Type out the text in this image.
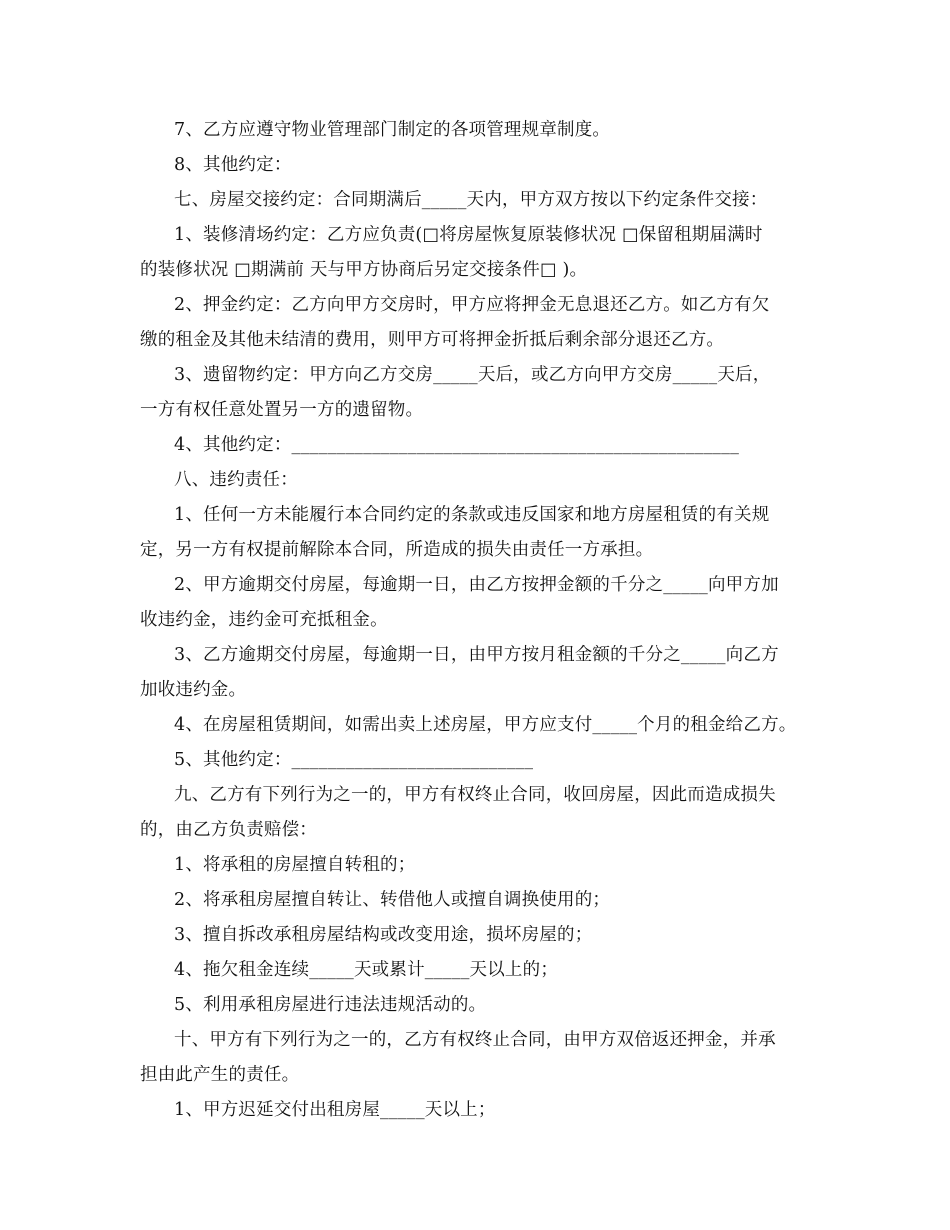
7、乙方应遵守物业管理部门制定的各项管理规章制度。
8、其他约定：
七、房屋交接约定：合同期满后_____天内，甲方双方按以下约定条件交接：
1、装修清场约定：乙方应负责(□将房屋恢复原装修状况 □保留租期届满时
的装修状况 □期满前 天与甲方协商后另定交接条件□ )。
2、押金约定：乙方向甲方交房时，甲方应将押金无息退还乙方。如乙方有欠
缴的租金及其他未结清的费用，则甲方可将押金折抵后剩余部分退还乙方。
3、遗留物约定：甲方向乙方交房_____天后，或乙方向甲方交房_____天后，
一方有权任意处置另一方的遗留物。
4、其他约定：__________________________________________________
八、违约责任：
1、任何一方未能履行本合同约定的条款或违反国家和地方房屋租赁的有关规
定，另一方有权提前解除本合同，所造成的损失由责任一方承担。
2、甲方逾期交付房屋，每逾期一日，由乙方按押金额的千分之_____向甲方加
收违约金，违约金可充抵租金。
3、乙方逾期交付房屋，每逾期一日，由甲方按月租金额的千分之_____向乙方
加收违约金。
4、在房屋租赁期间，如需出卖上述房屋，甲方应支付_____个月的租金给乙方。
5、其他约定：___________________________
九、乙方有下列行为之一的，甲方有权终止合同，收回房屋，因此而造成损失
的，由乙方负责赔偿：
1、将承租的房屋擅自转租的；
2、将承租房屋擅自转让、转借他人或擅自调换使用的；
3、擅自拆改承租房屋结构或改变用途，损坏房屋的；
4、拖欠租金连续_____天或累计_____天以上的；
5、利用承租房屋进行违法违规活动的。
十、甲方有下列行为之一的，乙方有权终止合同，由甲方双倍返还押金，并承
担由此产生的责任。
1、甲方迟延交付出租房屋_____天以上；
